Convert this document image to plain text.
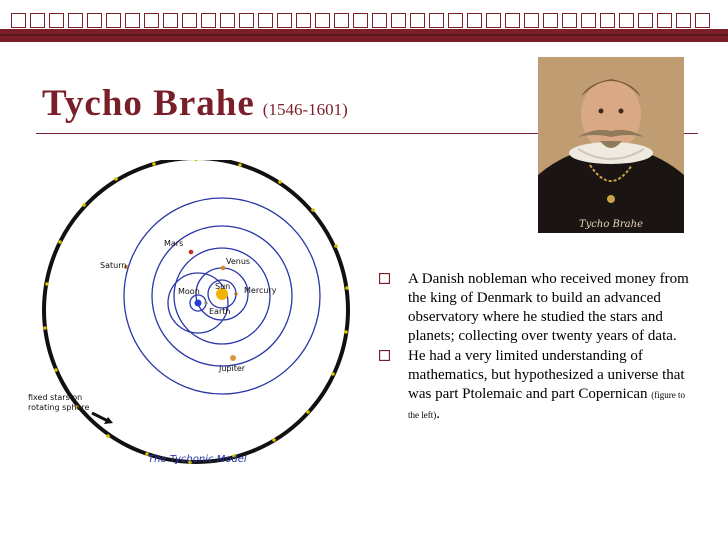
Tycho Brahe (1546-1601)
Tycho Brahe
Mars
Venus
Saturn
Moon
Sun Mercury
Earth
Jupiter
fixed stars on
rotating sphere
The Tychonic Model
A Danish nobleman who received money from the king of Denmark to build an advanced observatory where he studied the stars and planets; collecting over twenty years of data.
He had a very limited understanding of mathematics, but hypothesized a universe that was part Ptolemaic and part Copernican (figure to the left).
